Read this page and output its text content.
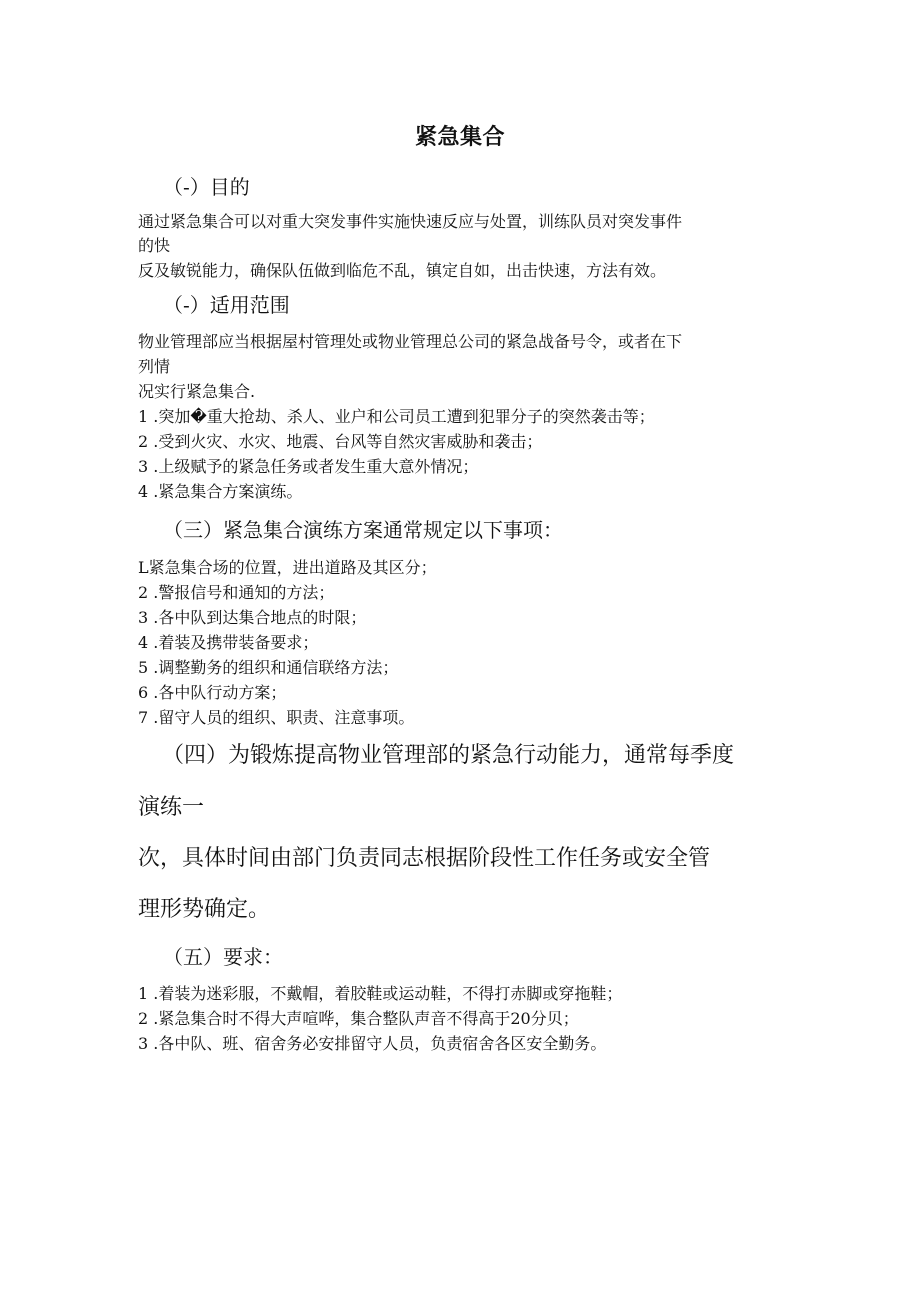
紧急集合
（-）目的
通过紧急集合可以对重大突发事件实施快速反应与处置，训练队员对突发事件
的快
反及敏锐能力，确保队伍做到临危不乱，镇定自如，出击快速，方法有效。
（-）适用范围
物业管理部应当根据屋村管理处或物业管理总公司的紧急战备号令，或者在下
列情
况实行紧急集合.
1 .突加�重大抢劫、杀人、业户和公司员工遭到犯罪分子的突然袭击等；
2 .受到火灾、水灾、地震、台风等自然灾害威胁和袭击；
3 .上级赋予的紧急任务或者发生重大意外情况；
4 .紧急集合方案演练。
（三）紧急集合演练方案通常规定以下事项：
L紧急集合场的位置，进出道路及其区分；
2 .警报信号和通知的方法；
3 .各中队到达集合地点的时限；
4 .着装及携带装备要求；
5 .调整勤务的组织和通信联络方法；
6 .各中队行动方案；
7 .留守人员的组织、职责、注意事项。
（四）为锻炼提高物业管理部的紧急行动能力，通常每季度
演练一
次，具体时间由部门负责同志根据阶段性工作任务或安全管
理形势确定。
（五）要求：
1 .着装为迷彩服，不戴帽，着胶鞋或运动鞋，不得打赤脚或穿拖鞋；
2 .紧急集合时不得大声喧哗，集合整队声音不得高于20分贝；
3 .各中队、班、宿舍务必安排留守人员，负责宿舍各区安全勤务。
